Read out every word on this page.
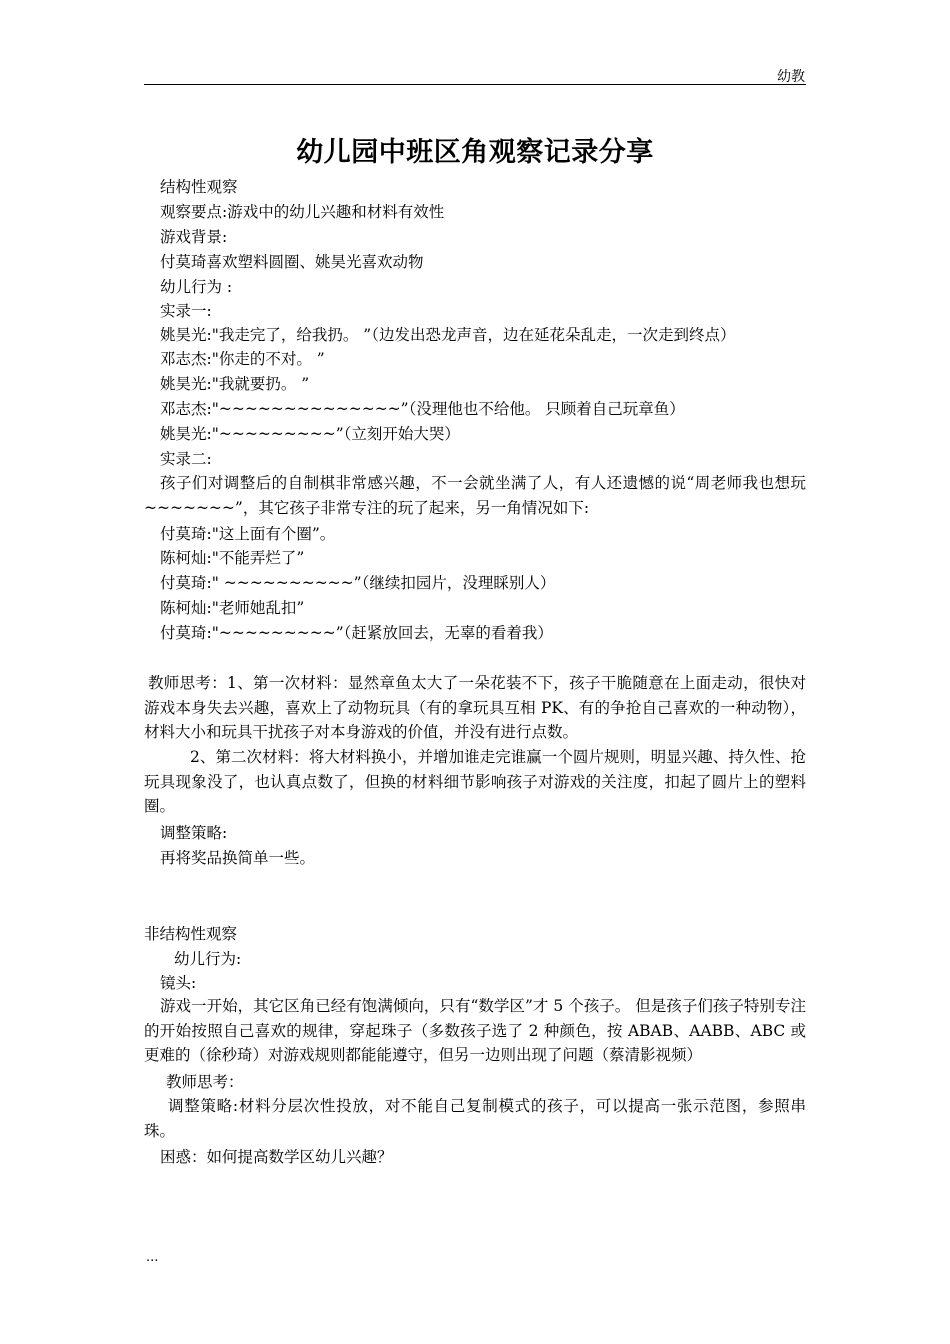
幼教
幼儿园中班区角观察记录分享
结构性观察
观察要点:游戏中的幼儿兴趣和材料有效性
游戏背景:
付莫琦喜欢塑料圆圈、姚昊光喜欢动物
幼儿行为 :
实录一:
姚昊光:"我走完了，给我扔。 ”（边发出恐龙声音，边在延花朵乱走，一次走到终点）
邓志杰:"你走的不对。 ”
姚昊光:"我就要扔。 ”
邓志杰:"~~~~~~~~~~~~~~”（没理他也不给他。 只顾着自己玩章鱼）
姚昊光:"~~~~~~~~~”（立刻开始大哭）
实录二:
孩子们对调整后的自制棋非常感兴趣，不一会就坐满了人，有人还遗憾的说“周老师我也想玩~~~~~~~”，其它孩子非常专注的玩了起来，另一角情况如下:
付莫琦:"这上面有个圈”。
陈柯灿:"不能弄烂了”
付莫琦:" ~~~~~~~~~~”（继续扣园片，没理睬别人）
陈柯灿:"老师她乱扣”
付莫琦:"~~~~~~~~~”（赶紧放回去，无辜的看着我）
教师思考：1、第一次材料：显然章鱼太大了一朵花装不下，孩子干脆随意在上面走动，很快对游戏本身失去兴趣，喜欢上了动物玩具（有的拿玩具互相 PK、有的争抢自己喜欢的一种动物），材料大小和玩具干扰孩子对本身游戏的价值，并没有进行点数。
2、第二次材料：将大材料换小，并增加谁走完谁赢一个圆片规则，明显兴趣、持久性、抢玩具现象没了，也认真点数了，但换的材料细节影响孩子对游戏的关注度，扣起了圆片上的塑料圈。
调整策略:
再将奖品换简单一些。
非结构性观察
幼儿行为:
镜头:
游戏一开始，其它区角已经有饱满倾向，只有“数学区”才 5 个孩子。 但是孩子们孩子特别专注的开始按照自己喜欢的规律，穿起珠子（多数孩子选了 2 种颜色，按 ABAB、AABB、ABC 或更难的（徐秒琦）对游戏规则都能能遵守，但另一边则出现了问题（蔡清影视频）
教师思考：
调整策略:材料分层次性投放，对不能自己复制模式的孩子，可以提高一张示范图，参照串珠。
困惑：如何提高数学区幼儿兴趣？
...
